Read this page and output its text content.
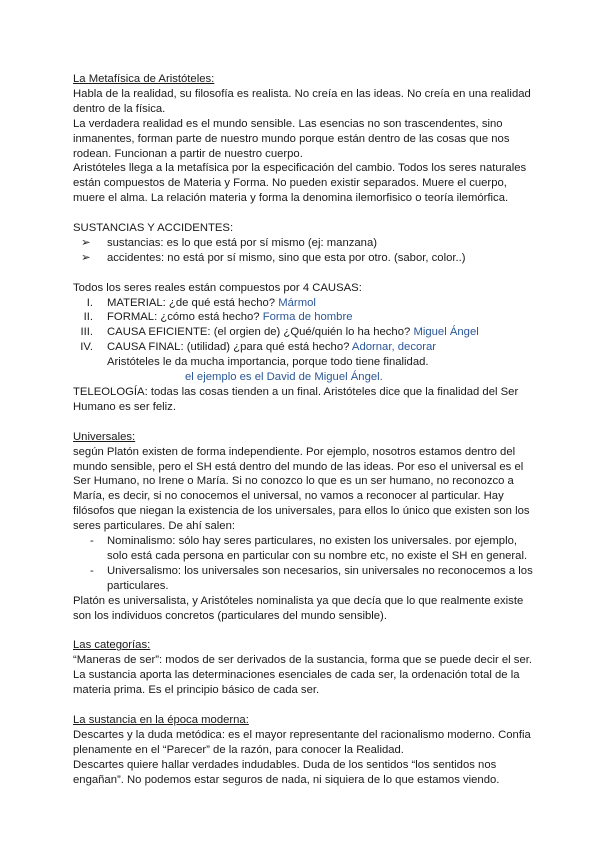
La Metafísica de Aristóteles:

Habla de la realidad, su filosofía es realista. No creía en las ideas. No creía en una realidad dentro de la física.

La verdadera realidad es el mundo sensible. Las esencias no son trascendentes, sino inmanentes, forman parte de nuestro mundo porque están dentro de las cosas que nos rodean. Funcionan a partir de nuestro cuerpo.

Aristóteles llega a la metafísica por la especificación del cambio. Todos los seres naturales están compuestos de Materia y Forma. No pueden existir separados. Muere el cuerpo, muere el alma. La relación materia y forma la denomina ilemorfisico o teoría ilemórfica.

SUSTANCIAS Y ACCIDENTES:

➢ sustancias: es lo que está por sí mismo (ej: manzana)
➢ accidentes: no está por sí mismo, sino que esta por otro. (sabor, color..)

Todos los seres reales están compuestos por 4 CAUSAS:

I. MATERIAL: ¿de qué está hecho? Mármol
II. FORMAL: ¿cómo está hecho? Forma de hombre
III. CAUSA EFICIENTE: (el orgien de) ¿Qué/quién lo ha hecho? Miguel Ángel
IV. CAUSA FINAL: (utilidad) ¿para qué está hecho? Adornar, decorar

Aristóteles le da mucha importancia, porque todo tiene finalidad.

el ejemplo es el David de Miguel Ángel.

TELEOLOGÍA: todas las cosas tienden a un final. Aristóteles dice que la finalidad del Ser Humano es ser feliz.

Universales:

según Platón existen de forma independiente. Por ejemplo, nosotros estamos dentro del mundo sensible, pero el SH está dentro del mundo de las ideas. Por eso el universal es el Ser Humano, no Irene o María. Si no conozco lo que es un ser humano, no reconozco a María, es decir, si no conocemos el universal, no vamos a reconocer al particular. Hay filósofos que niegan la existencia de los universales, para ellos lo único que existen son los seres particulares. De ahí salen:

- Nominalismo: sólo hay seres particulares, no existen los universales. por ejemplo, solo está cada persona en particular con su nombre etc, no existe el SH en general.
- Universalismo: los universales son necesarios, sin universales no reconocemos a los particulares.

Platón es universalista, y Aristóteles nominalista ya que decía que lo que realmente existe son los individuos concretos (particulares del mundo sensible).

Las categorías:

“Maneras de ser”: modos de ser derivados de la sustancia, forma que se puede decir el ser.

La sustancia aporta las determinaciones esenciales de cada ser, la ordenación total de la materia prima. Es el principio básico de cada ser.

La sustancia en la época moderna:

Descartes y la duda metódica: es el mayor representante del racionalismo moderno. Confia plenamente en el “Parecer” de la razón, para conocer la Realidad.

Descartes quiere hallar verdades indudables. Duda de los sentidos “los sentidos nos engañan”. No podemos estar seguros de nada, ni siquiera de lo que estamos viendo.
